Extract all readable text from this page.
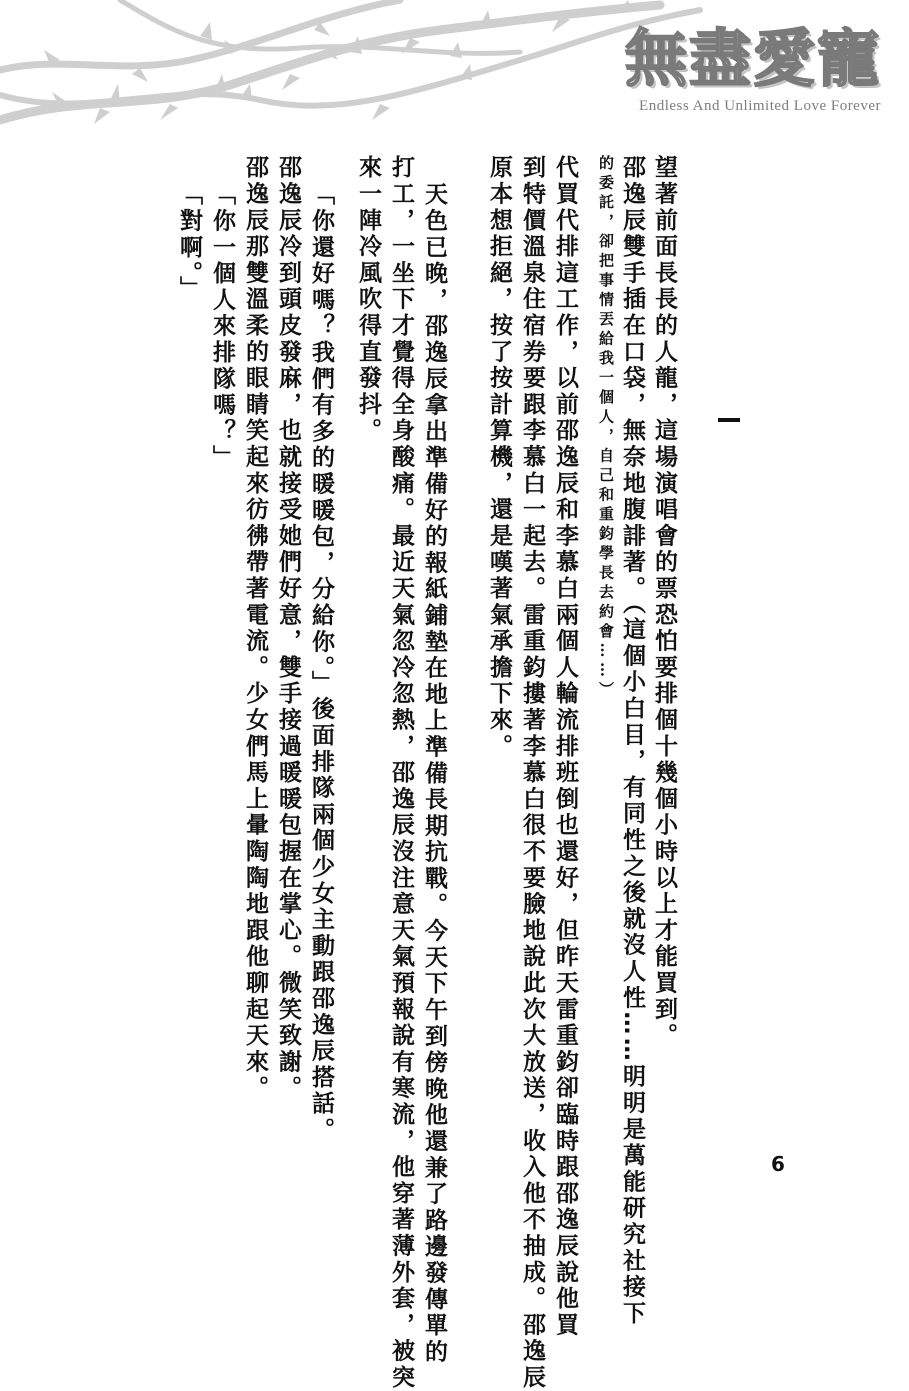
無盡愛寵
Endless And Unlimited Love Forever
望著前面長長的人龍，這場演唱會的票恐怕要排個十幾個小時以上才能買到。
邵逸辰雙手插在口袋，無奈地腹誹著。（這個小白目，有同性之後就沒人性……明明是萬能研究社接下
的委託，卻把事情丟給我一個人，自己和重鈞學長去約會……）
代買代排這工作，以前邵逸辰和李慕白兩個人輪流排班倒也還好，但昨天雷重鈞卻臨時跟邵逸辰說他買
到特價溫泉住宿券要跟李慕白一起去。雷重鈞摟著李慕白很不要臉地說此次大放送，收入他不抽成。邵逸辰
原本想拒絕，按了按計算機，還是嘆著氣承擔下來。
天色已晚，邵逸辰拿出準備好的報紙鋪墊在地上準備長期抗戰。今天下午到傍晚他還兼了路邊發傳單的
打工，一坐下才覺得全身酸痛。最近天氣忽冷忽熱，邵逸辰沒注意天氣預報說有寒流，他穿著薄外套，被突
來一陣冷風吹得直發抖。
「你還好嗎？我們有多的暖暖包，分給你。」後面排隊兩個少女主動跟邵逸辰搭話。
邵逸辰冷到頭皮發麻，也就接受她們好意，雙手接過暖暖包握在掌心。微笑致謝。
邵逸辰那雙溫柔的眼睛笑起來彷彿帶著電流。少女們馬上暈陶陶地跟他聊起天來。
「你一個人來排隊嗎？」
「對啊。」
6
